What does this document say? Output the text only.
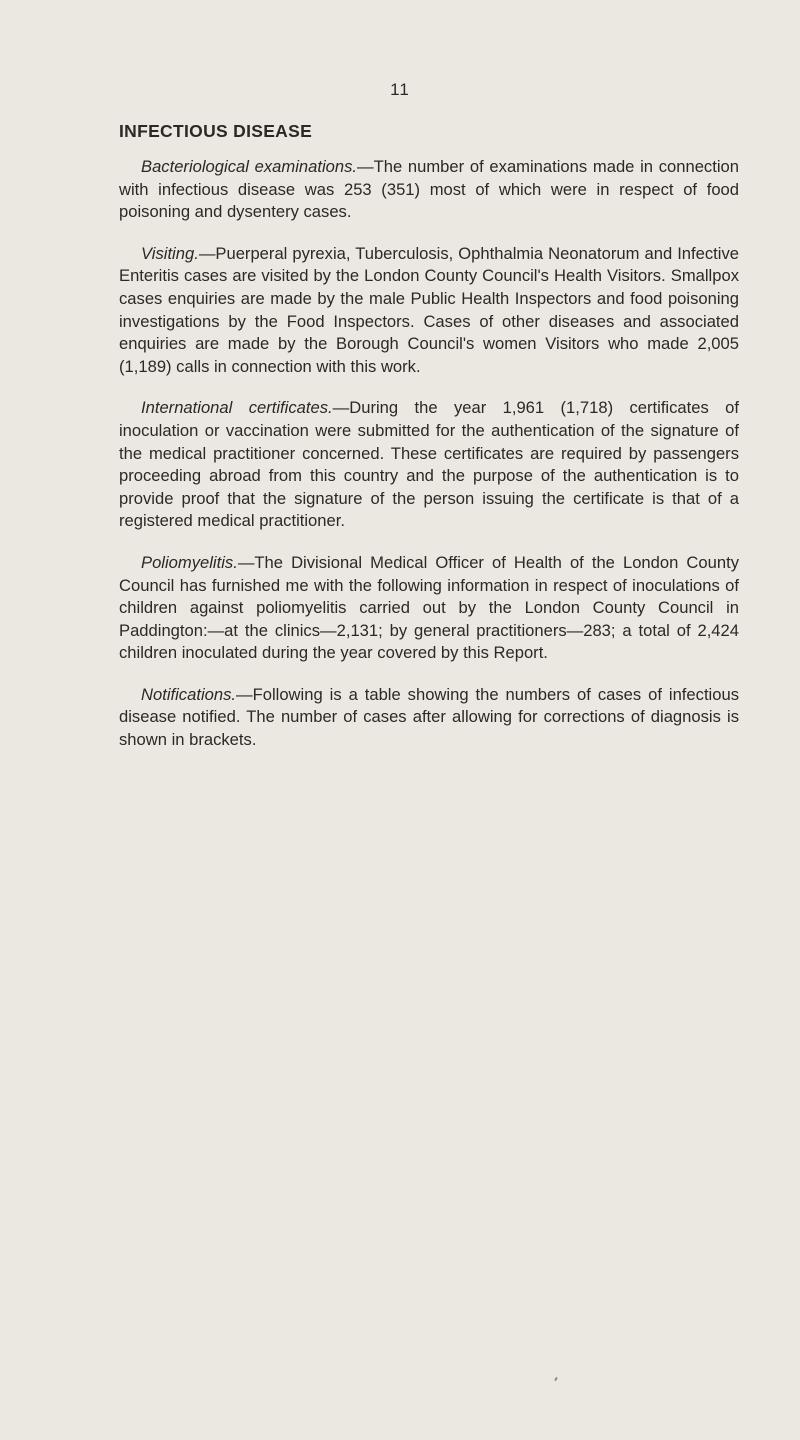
11
INFECTIOUS DISEASE

Bacteriological examinations.—The number of examinations made in connection with infectious disease was 253 (351) most of which were in respect of food poisoning and dysentery cases.

Visiting.—Puerperal pyrexia, Tuberculosis, Ophthalmia Neonatorum and Infective Enteritis cases are visited by the London County Council's Health Visitors. Smallpox cases enquiries are made by the male Public Health Inspectors and food poisoning investigations by the Food Inspectors. Cases of other diseases and associated enquiries are made by the Borough Council's women Visitors who made 2,005 (1,189) calls in connection with this work.

International certificates.—During the year 1,961 (1,718) certificates of inoculation or vaccination were submitted for the authentication of the signature of the medical practitioner concerned. These certificates are required by passengers proceeding abroad from this country and the purpose of the authentication is to provide proof that the signature of the person issuing the certificate is that of a registered medical practitioner.

Poliomyelitis.—The Divisional Medical Officer of Health of the London County Council has furnished me with the following information in respect of inoculations of children against poliomyelitis carried out by the London County Council in Paddington:—at the clinics—2,131; by general practitioners—283; a total of 2,424 children inoculated during the year covered by this Report.

Notifications.—Following is a table showing the numbers of cases of infectious disease notified. The number of cases after allowing for corrections of diagnosis is shown in brackets.
